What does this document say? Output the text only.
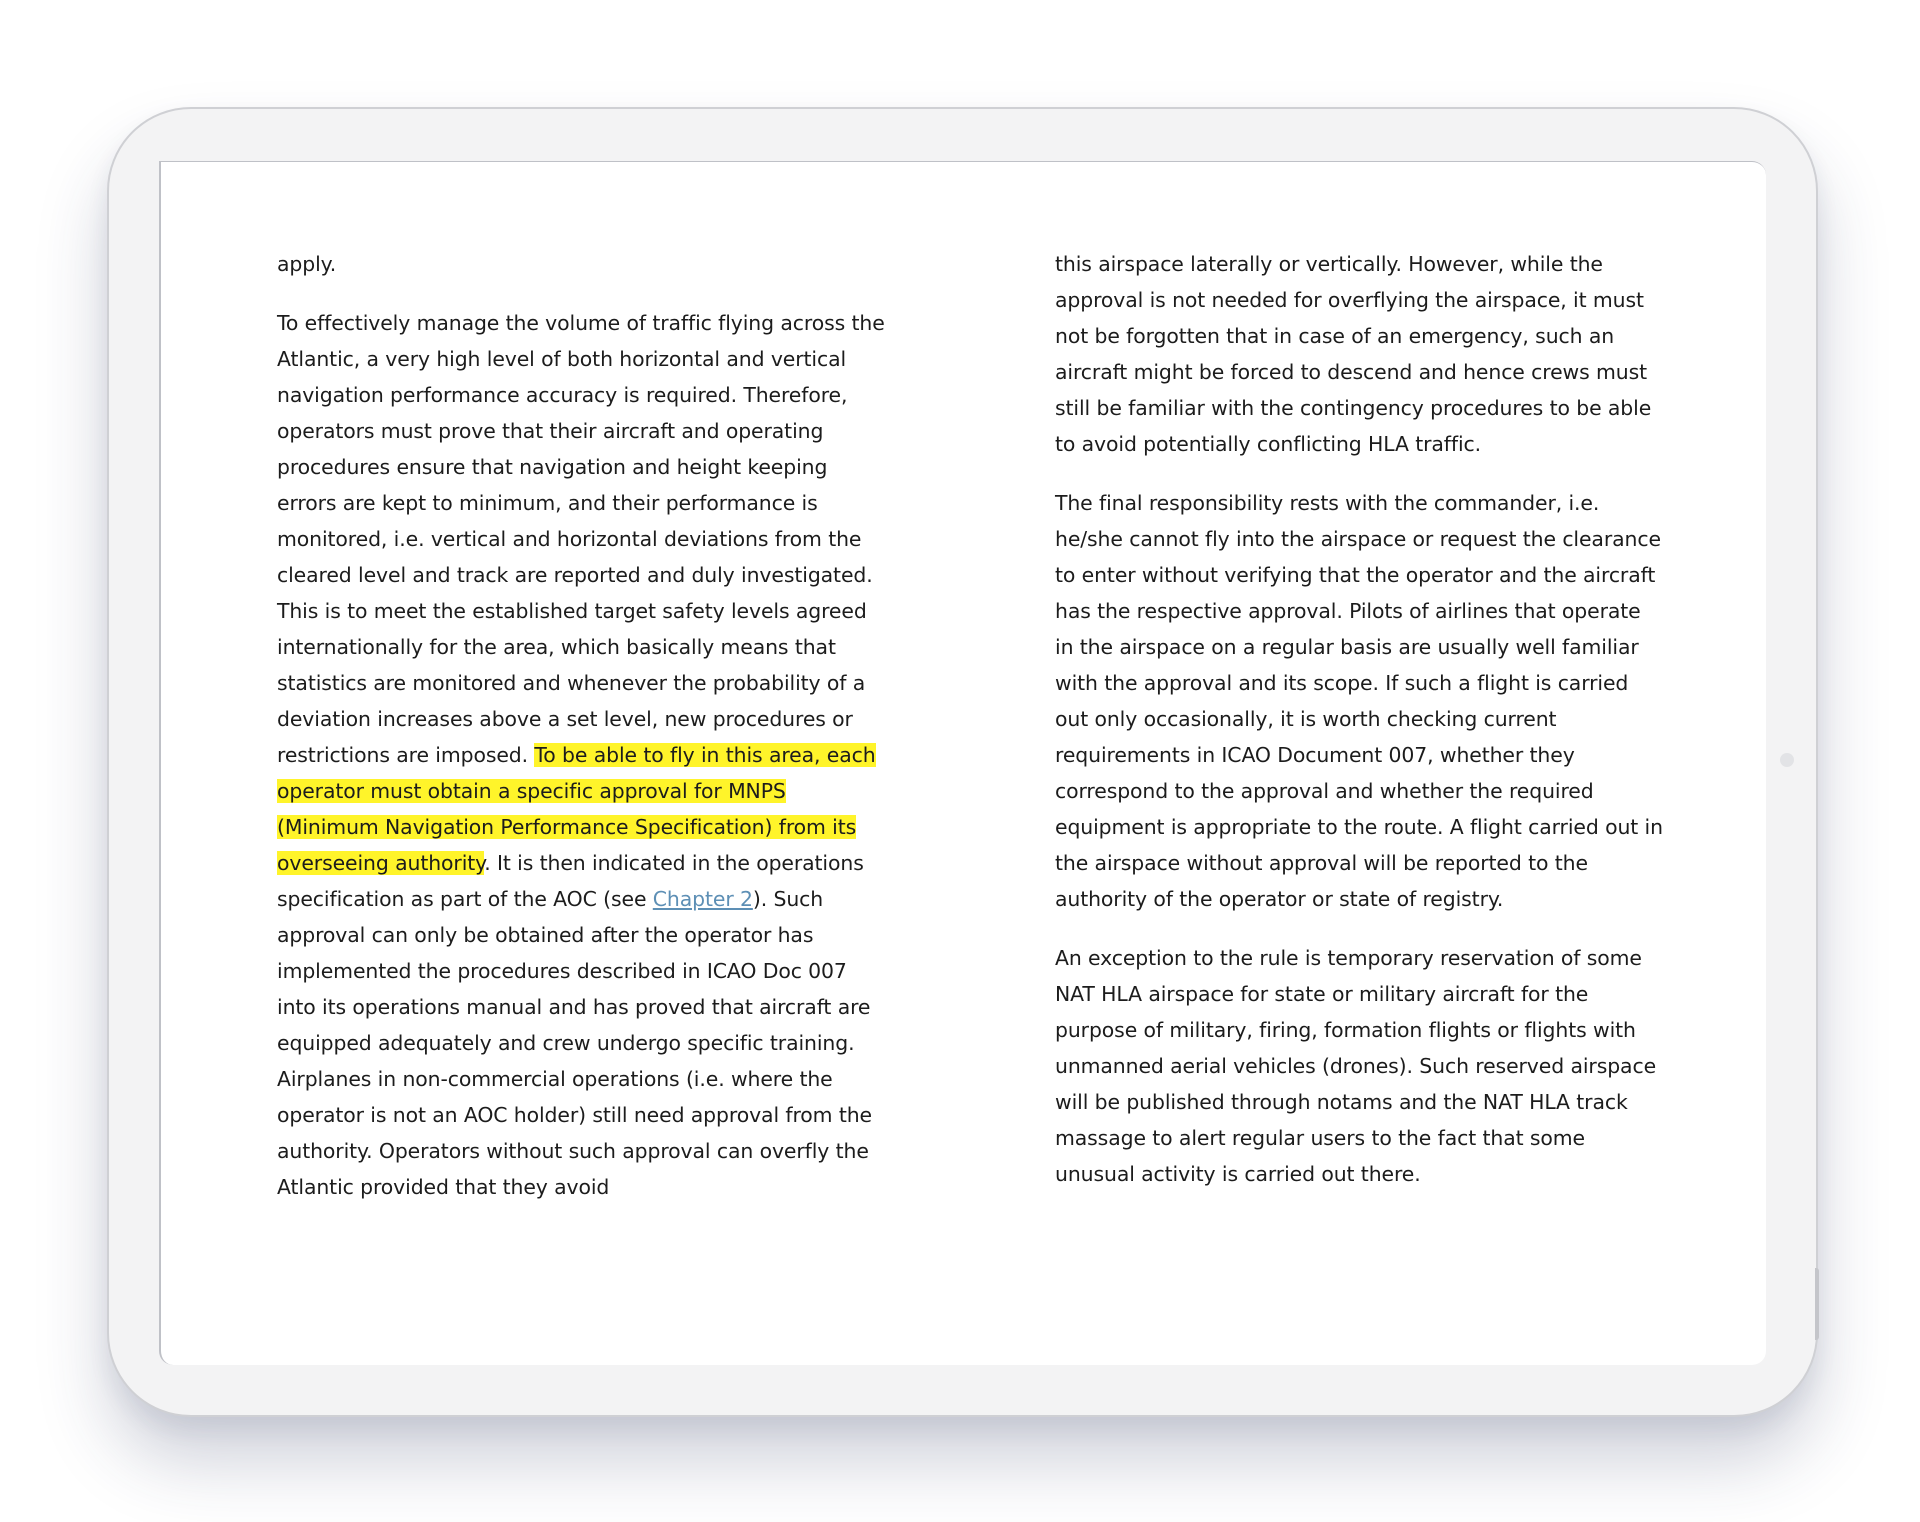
apply.

To effectively manage the volume of traffic flying across the Atlantic, a very high level of both horizontal and vertical navigation performance accuracy is required. Therefore, operators must prove that their aircraft and operating procedures ensure that navigation and height keeping errors are kept to minimum, and their performance is monitored, i.e. vertical and horizontal deviations from the cleared level and track are reported and duly investigated. This is to meet the established target safety levels agreed internationally for the area, which basically means that statistics are monitored and whenever the probability of a deviation increases above a set level, new procedures or restrictions are imposed. To be able to fly in this area, each operator must obtain a specific approval for MNPS (Minimum Navigation Performance Specification) from its overseeing authority. It is then indicated in the operations specification as part of the AOC (see Chapter 2). Such approval can only be obtained after the operator has implemented the procedures described in ICAO Doc 007 into its operations manual and has proved that aircraft are equipped adequately and crew undergo specific training. Airplanes in non-commercial operations (i.e. where the operator is not an AOC holder) still need approval from the authority. Operators without such approval can overfly the Atlantic provided that they avoid

this airspace laterally or vertically. However, while the approval is not needed for overflying the airspace, it must not be forgotten that in case of an emergency, such an aircraft might be forced to descend and hence crews must still be familiar with the contingency procedures to be able to avoid potentially conflicting HLA traffic.

The final responsibility rests with the commander, i.e. he/she cannot fly into the airspace or request the clearance to enter without verifying that the operator and the aircraft has the respective approval. Pilots of airlines that operate in the airspace on a regular basis are usually well familiar with the approval and its scope. If such a flight is carried out only occasionally, it is worth checking current requirements in ICAO Document 007, whether they correspond to the approval and whether the required equipment is appropriate to the route. A flight carried out in the airspace without approval will be reported to the authority of the operator or state of registry.

An exception to the rule is temporary reservation of some NAT HLA airspace for state or military aircraft for the purpose of military, firing, formation flights or flights with unmanned aerial vehicles (drones). Such reserved airspace will be published through notams and the NAT HLA track massage to alert regular users to the fact that some unusual activity is carried out there.
